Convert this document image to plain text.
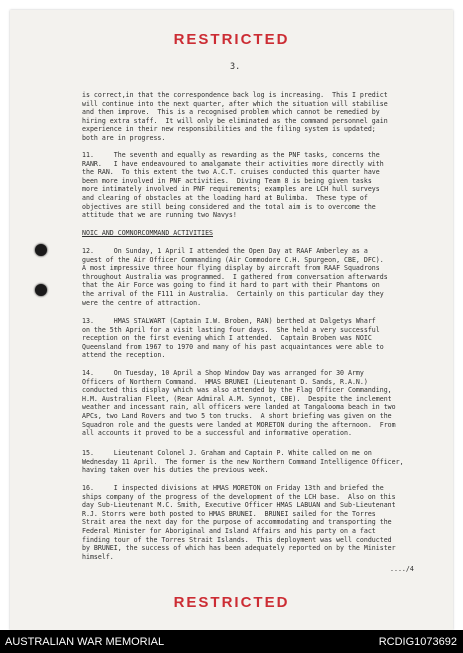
RESTRICTED
3.
is correct,in that the correspondence back log is increasing.  This I predict
will continue into the next quarter, after which the situation will stabilise
and then improve.  This is a recognised problem which cannot be remedied by
hiring extra staff.  It will only be eliminated as the command personnel gain
experience in their new responsibilities and the filing system is updated;
both are in progress.
11.     The seventh and equally as rewarding as the PNF tasks, concerns the
RANR.   I have endeavoured to amalgamate their activities more directly with
the RAN.  To this extent the two A.C.T. cruises conducted this quarter have
been more involved in PNF activities.  Diving Team 8 is being given tasks
more intimately involved in PNF requirements; examples are LCH hull surveys
and clearing of obstacles at the loading hard at Bulimba.  These type of
objectives are still being considered and the total aim is to overcome the
attitude that we are running two Navys!
NOIC AND COMNORCOMMAND ACTIVITIES
12.     On Sunday, 1 April I attended the Open Day at RAAF Amberley as a
guest of the Air Officer Commanding (Air Commodore C.H. Spurgeon, CBE, DFC).
A most impressive three hour flying display by aircraft from RAAF Squadrons
throughout Australia was programmed.  I gathered from conversation afterwards
that the Air Force was going to find it hard to part with their Phantoms on
the arrival of the F111 in Australia.  Certainly on this particular day they
were the centre of attraction.
13.     HMAS STALWART (Captain I.W. Broben, RAN) berthed at Dalgetys Wharf
on the 5th April for a visit lasting four days.  She held a very successful
reception on the first evening which I attended.  Captain Broben was NOIC
Queensland from 1967 to 1970 and many of his past acquaintances were able to
attend the reception.
14.     On Tuesday, 10 April a Shop Window Day was arranged for 30 Army
Officers of Northern Command.  HMAS BRUNEI (Lieutenant D. Sands, R.A.N.)
conducted this display which was also attended by the Flag Officer Commanding,
H.M. Australian Fleet, (Rear Admiral A.M. Synnot, CBE).  Despite the inclement
weather and incessant rain, all officers were landed at Tangalooma beach in two
APCs, two Land Rovers and two 5 ton trucks.  A short briefing was given on the
Squadron role and the guests were landed at MORETON during the afternoon.  From
all accounts it proved to be a successful and informative operation.
15.     Lieutenant Colonel J. Graham and Captain P. White called on me on
Wednesday 11 April.  The former is the new Northern Command Intelligence Officer,
having taken over his duties the previous week.
16.     I inspected divisions at HMAS MORETON on Friday 13th and briefed the
ships company of the progress of the development of the LCH base.  Also on this
day Sub-Lieutenant M.C. Smith, Executive Officer HMAS LABUAN and Sub-Lieutenant
R.J. Storrs were both posted to HMAS BRUNEI.  BRUNEI sailed for the Torres
Strait area the next day for the purpose of accommodating and transporting the
Federal Minister for Aboriginal and Island Affairs and his party on a fact
finding tour of the Torres Strait Islands.  This deployment was well conducted
by BRUNEI, the success of which has been adequately reported on by the Minister
himself.
..../4
RESTRICTED
AUSTRALIAN WAR MEMORIAL	RCDIG1073692
